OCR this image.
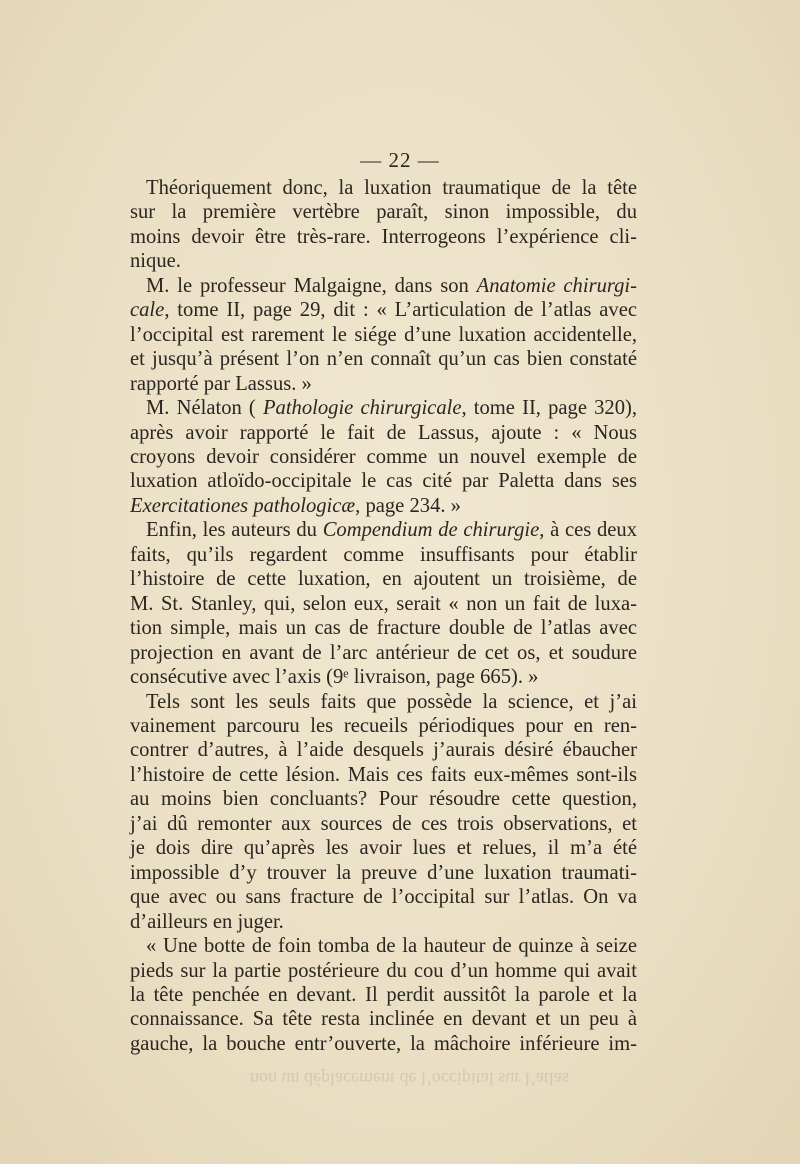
— 22 —
Théoriquement donc, la luxation traumatique de la tête
sur la première vertèbre paraît, sinon impossible, du
moins devoir être très-rare. Interrogeons l’expérience cli-
nique.
M. le professeur Malgaigne, dans son Anatomie chirurgi-
cale, tome II, page 29, dit : « L’articulation de l’atlas avec
l’occipital est rarement le siége d’une luxation accidentelle,
et jusqu’à présent l’on n’en connaît qu’un cas bien constaté
rapporté par Lassus. »
M. Nélaton ( Pathologie chirurgicale, tome II, page 320),
après avoir rapporté le fait de Lassus, ajoute : « Nous
croyons devoir considérer comme un nouvel exemple de
luxation atloïdo-occipitale le cas cité par Paletta dans ses
Exercitationes pathologicæ, page 234. »
Enfin, les auteurs du Compendium de chirurgie, à ces deux
faits, qu’ils regardent comme insuffisants pour établir
l’histoire de cette luxation, en ajoutent un troisième, de
M. St. Stanley, qui, selon eux, serait « non un fait de luxa-
tion simple, mais un cas de fracture double de l’atlas avec
projection en avant de l’arc antérieur de cet os, et soudure
consécutive avec l’axis (9ᵉ livraison, page 665). »
Tels sont les seuls faits que possède la science, et j’ai
vainement parcouru les recueils périodiques pour en ren-
contrer d’autres, à l’aide desquels j’aurais désiré ébaucher
l’histoire de cette lésion. Mais ces faits eux-mêmes sont-ils
au moins bien concluants? Pour résoudre cette question,
j’ai dû remonter aux sources de ces trois observations, et
je dois dire qu’après les avoir lues et relues, il m’a été
impossible d’y trouver la preuve d’une luxation traumati-
que avec ou sans fracture de l’occipital sur l’atlas. On va
d’ailleurs en juger.
« Une botte de foin tomba de la hauteur de quinze à seize
pieds sur la partie postérieure du cou d’un homme qui avait
la tête penchée en devant. Il perdit aussitôt la parole et la
connaissance. Sa tête resta inclinée en devant et un peu à
gauche, la bouche entr’ouverte, la mâchoire inférieure im-
non un déplacement de l’occipital sur l’atlas
